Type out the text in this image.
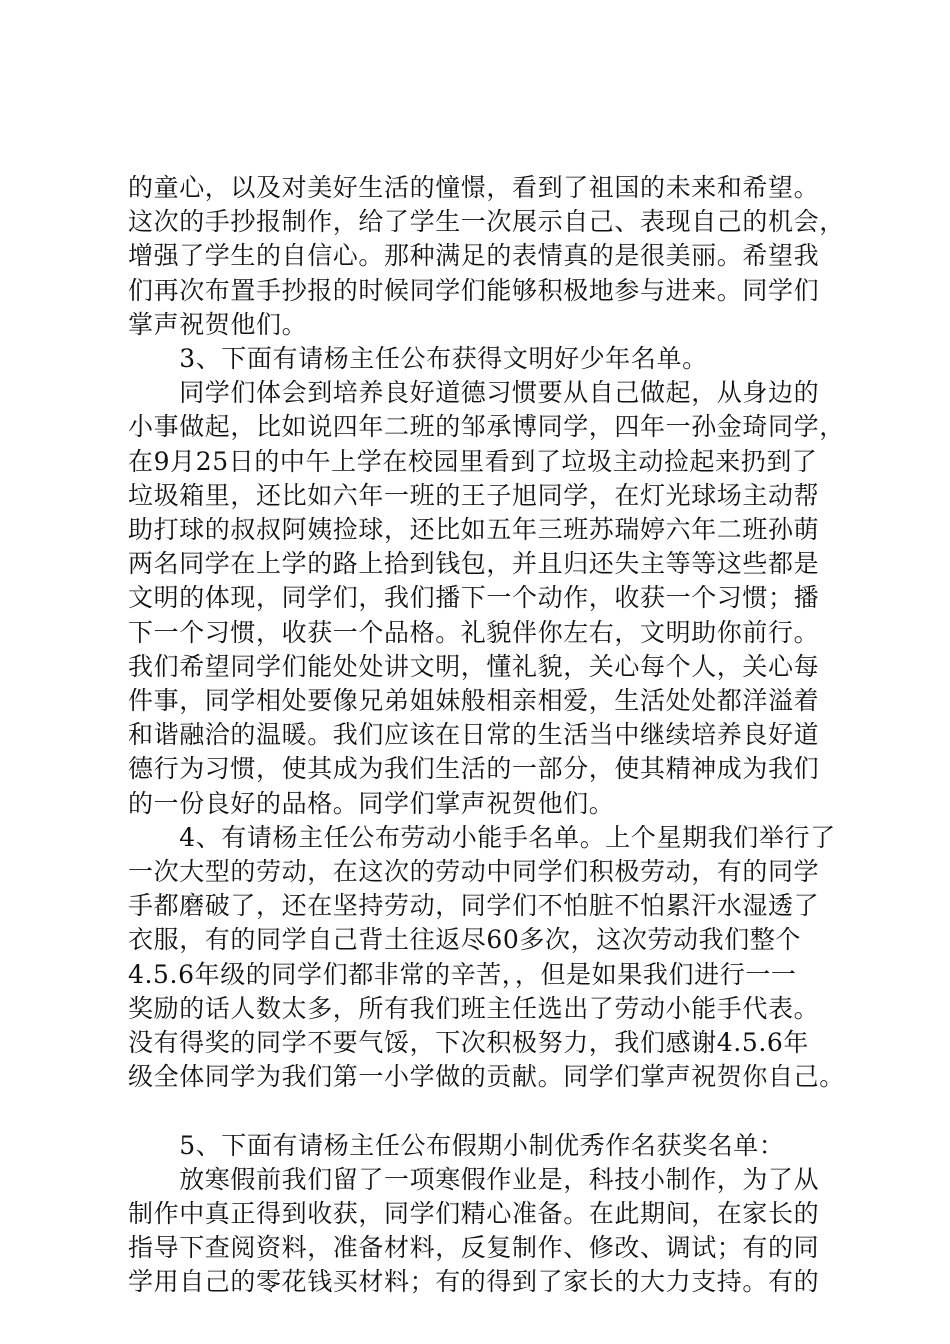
的童心，以及对美好生活的憧憬，看到了祖国的未来和希望。
这次的手抄报制作，给了学生一次展示自己、表现自己的机会，
增强了学生的自信心。那种满足的表情真的是很美丽。希望我
们再次布置手抄报的时候同学们能够积极地参与进来。同学们
掌声祝贺他们。
　　3、下面有请杨主任公布获得文明好少年名单。
　　同学们体会到培养良好道德习惯要从自己做起，从身边的
小事做起，比如说四年二班的邹承博同学，四年一孙金琦同学，
在9月25日的中午上学在校园里看到了垃圾主动捡起来扔到了
垃圾箱里，还比如六年一班的王子旭同学，在灯光球场主动帮
助打球的叔叔阿姨捡球，还比如五年三班苏瑞婷六年二班孙萌
两名同学在上学的路上拾到钱包，并且归还失主等等这些都是
文明的体现，同学们，我们播下一个动作，收获一个习惯；播
下一个习惯，收获一个品格。礼貌伴你左右，文明助你前行。
我们希望同学们能处处讲文明，懂礼貌，关心每个人，关心每
件事，同学相处要像兄弟姐妹般相亲相爱，生活处处都洋溢着
和谐融洽的温暖。我们应该在日常的生活当中继续培养良好道
德行为习惯，使其成为我们生活的一部分，使其精神成为我们
的一份良好的品格。同学们掌声祝贺他们。
　　4、有请杨主任公布劳动小能手名单。上个星期我们举行了
一次大型的劳动，在这次的劳动中同学们积极劳动，有的同学
手都磨破了，还在坚持劳动，同学们不怕脏不怕累汗水湿透了
衣服，有的同学自己背土往返尽60多次，这次劳动我们整个
4.5.6年级的同学们都非常的辛苦，，但是如果我们进行一一
奖励的话人数太多，所有我们班主任选出了劳动小能手代表。
没有得奖的同学不要气馁，下次积极努力，我们感谢4.5.6年
级全体同学为我们第一小学做的贡献。同学们掌声祝贺你自己。
　　5、下面有请杨主任公布假期小制优秀作名获奖名单：
　　放寒假前我们留了一项寒假作业是，科技小制作，为了从
制作中真正得到收获，同学们精心准备。在此期间，在家长的
指导下查阅资料，准备材料，反复制作、修改、调试；有的同
学用自己的零花钱买材料；有的得到了家长的大力支持。有的
